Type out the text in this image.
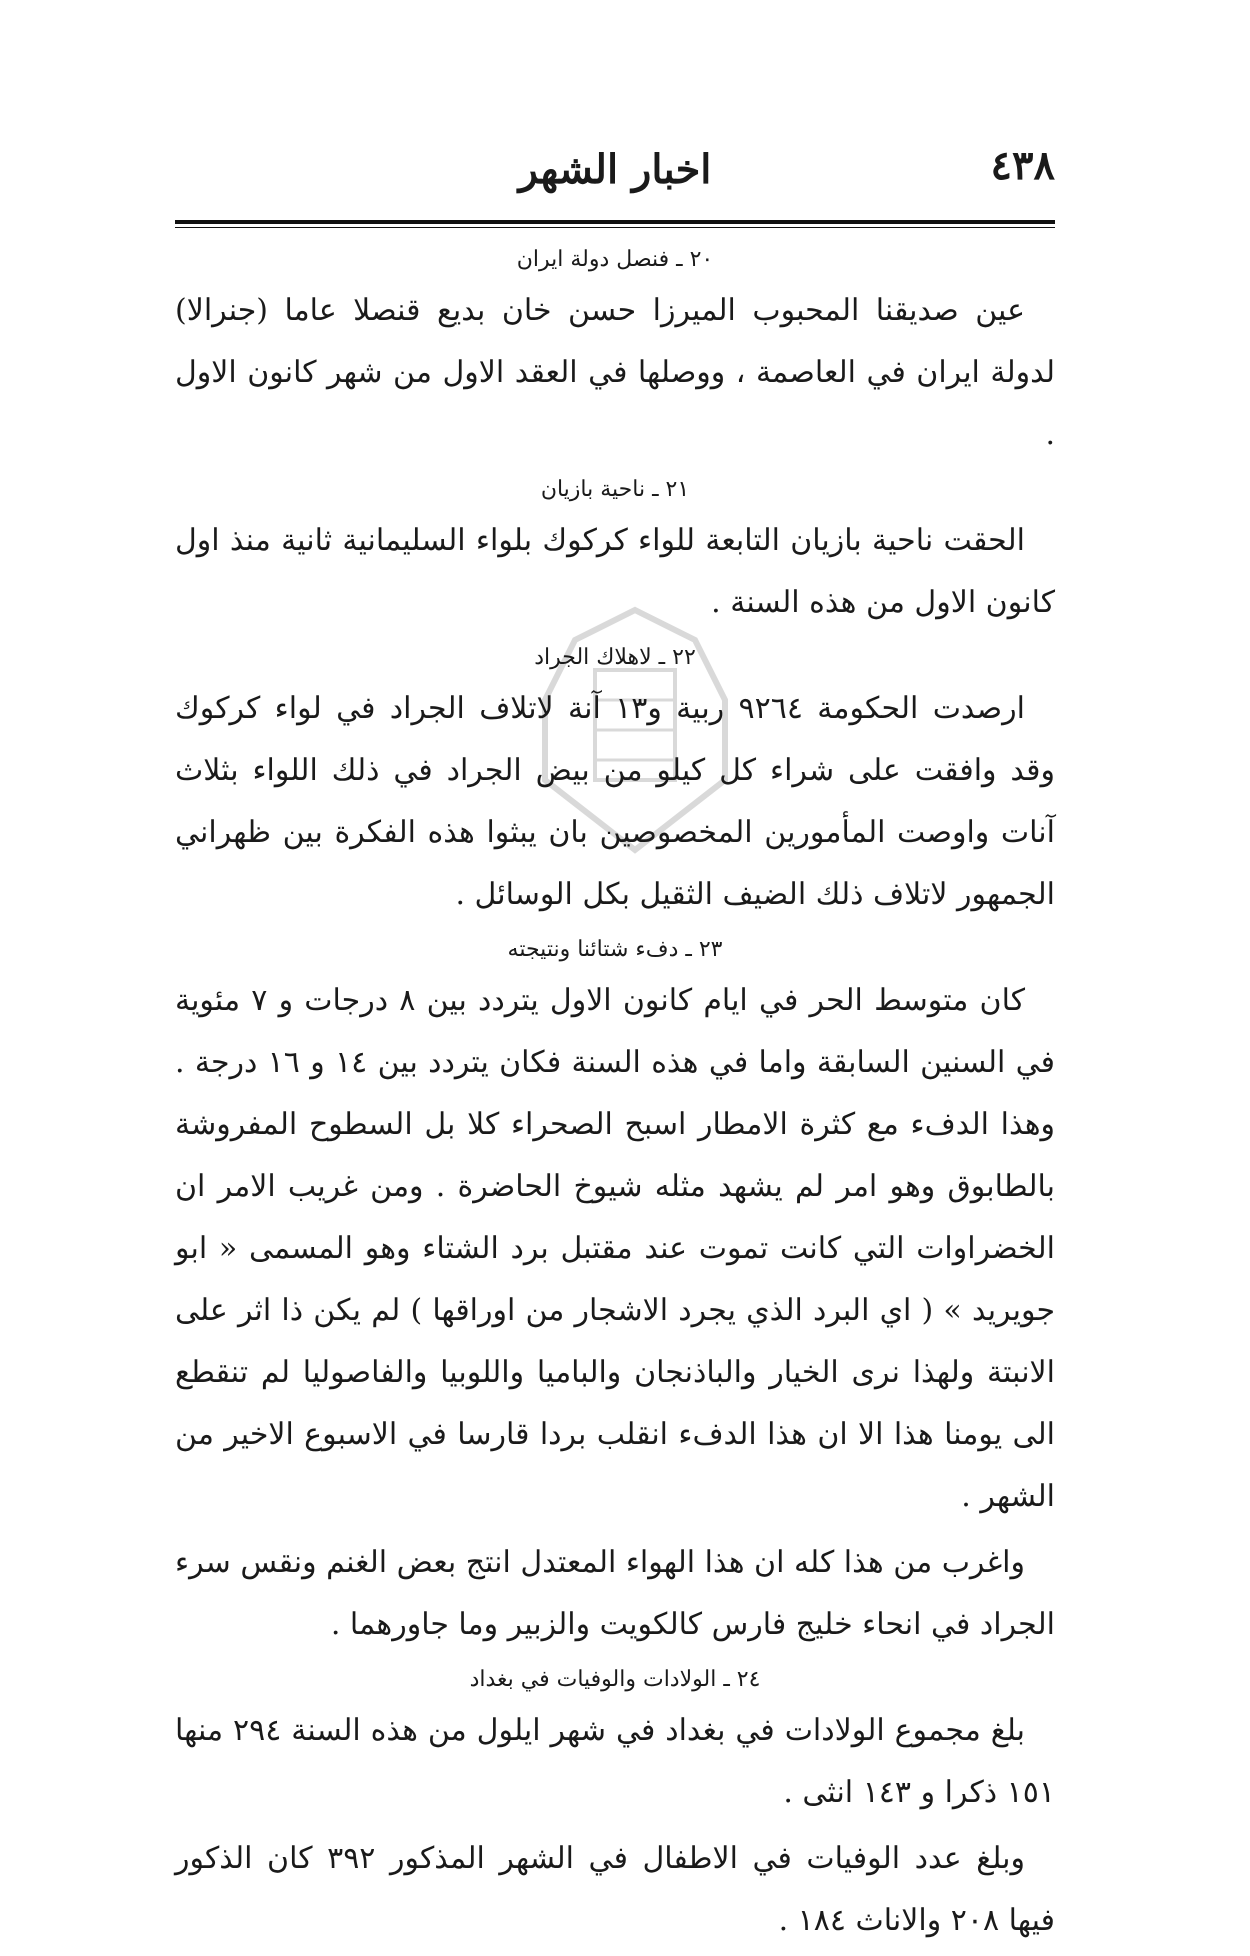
٤٣٨
اخبار الشهر
٢٠ ـ فنصل دولة ايران

عين صديقنا المحبوب الميرزا حسن خان بديع قنصلا عاما (جنرالا) لدولة ايران في العاصمة ، ووصلها في العقد الاول من شهر كانون الاول .

٢١ ـ ناحية بازيان

الحقت ناحية بازيان التابعة للواء كركوك بلواء السليمانية ثانية منذ اول كانون الاول من هذه السنة .

٢٢ ـ لاهلاك الجراد

ارصدت الحكومة ٩٢٦٤ ربية و١٣ آنة لاتلاف الجراد في لواء كركوك وقد وافقت على شراء كل كيلو من بيض الجراد في ذلك اللواء بثلاث آنات واوصت المأمورين المخصوصين بان يبثوا هذه الفكرة بين ظهراني الجمهور لاتلاف ذلك الضيف الثقيل بكل الوسائل .

٢٣ ـ دفء شتائنا ونتيجته

كان متوسط الحر في ايام كانون الاول يتردد بين ٨ درجات و ٧ مئوية في السنين السابقة واما في هذه السنة فكان يتردد بين ١٤ و ١٦ درجة . وهذا الدفء مع كثرة الامطار اسبح الصحراء كلا بل السطوح المفروشة بالطابوق وهو امر لم يشهد مثله شيوخ الحاضرة . ومن غريب الامر ان الخضراوات التي كانت تموت عند مقتبل برد الشتاء وهو المسمى « ابو جويريد » ( اي البرد الذي يجرد الاشجار من اوراقها ) لم يكن ذا اثر على الانبتة ولهذا نرى الخيار والباذنجان والباميا واللوبيا والفاصوليا لم تنقطع الى يومنا هذا الا ان هذا الدفء انقلب بردا قارسا في الاسبوع الاخير من الشهر .

واغرب من هذا كله ان هذا الهواء المعتدل انتج بعض الغنم ونقس سرء الجراد في انحاء خليج فارس كالكويت والزبير وما جاورهما .

٢٤ ـ الولادات والوفيات في بغداد

بلغ مجموع الولادات في بغداد في شهر ايلول من هذه السنة ٢٩٤ منها ١٥١ ذكرا و ١٤٣ انثى .

وبلغ عدد الوفيات في الاطفال في الشهر المذكور ٣٩٢ كان الذكور فيها ٢٠٨ والاناث ١٨٤ .
